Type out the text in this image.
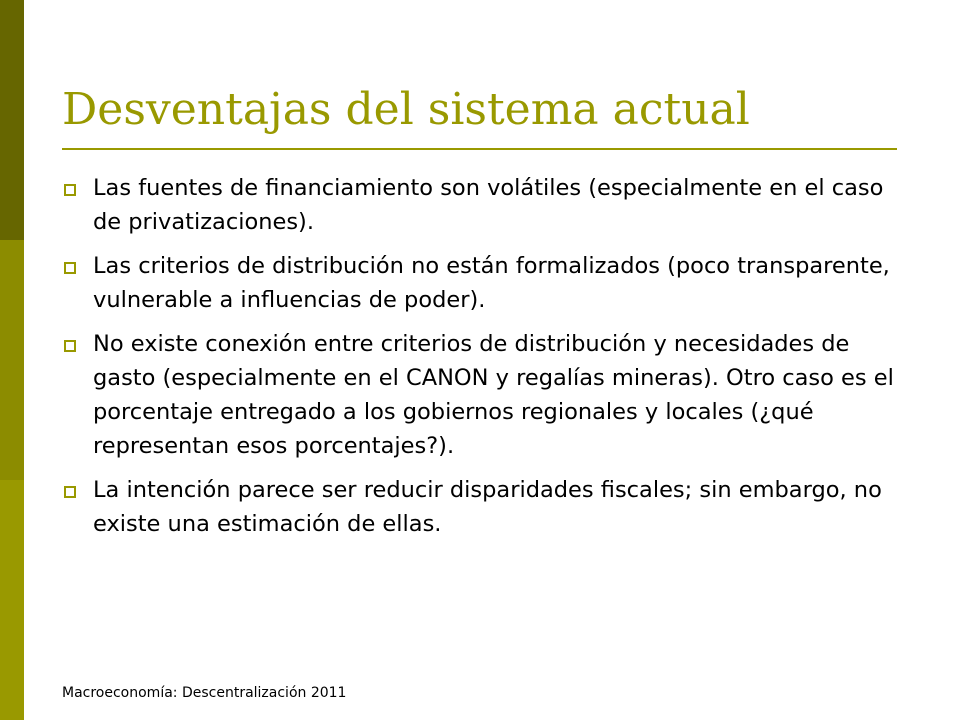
Desventajas del sistema actual
Las fuentes de financiamiento son volátiles (especialmente en el caso de privatizaciones).
Las criterios de distribución no están formalizados (poco transparente, vulnerable a influencias de poder).
No existe conexión entre criterios de distribución y necesidades de gasto (especialmente en el CANON y regalías mineras). Otro caso es el porcentaje entregado a los gobiernos regionales y locales (¿qué representan esos porcentajes?).
La intención parece ser reducir disparidades fiscales; sin embargo, no existe una estimación de ellas.
Macroeconomía: Descentralización 2011
